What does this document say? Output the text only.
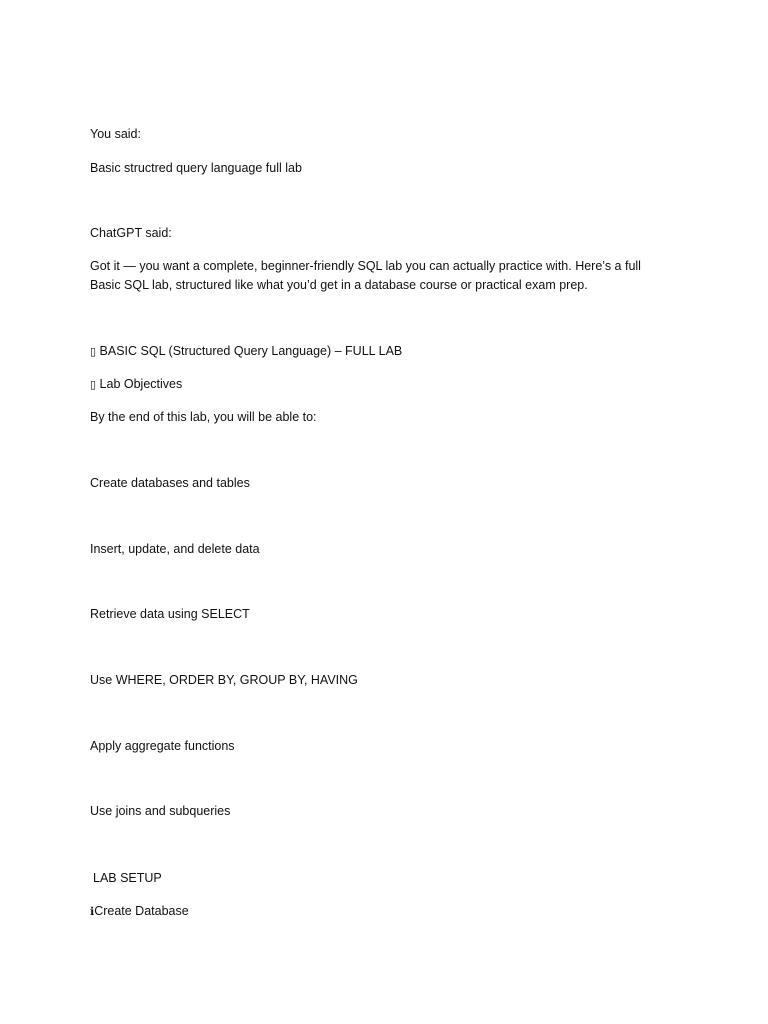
You said:

Basic structred query language full lab

ChatGPT said:

Got it — you want a complete, beginner-friendly SQL lab you can actually practice with. Here’s a full

Basic SQL lab, structured like what you’d get in a database course or practical exam prep.

▯ BASIC SQL (Structured Query Language) – FULL LAB

▯ Lab Objectives

By the end of this lab, you will be able to:

Create databases and tables

Insert, update, and delete data

Retrieve data using SELECT

Use WHERE, ORDER BY, GROUP BY, HAVING

Apply aggregate functions

Use joins and subqueries

LAB SETUP

ℹCreate Database
